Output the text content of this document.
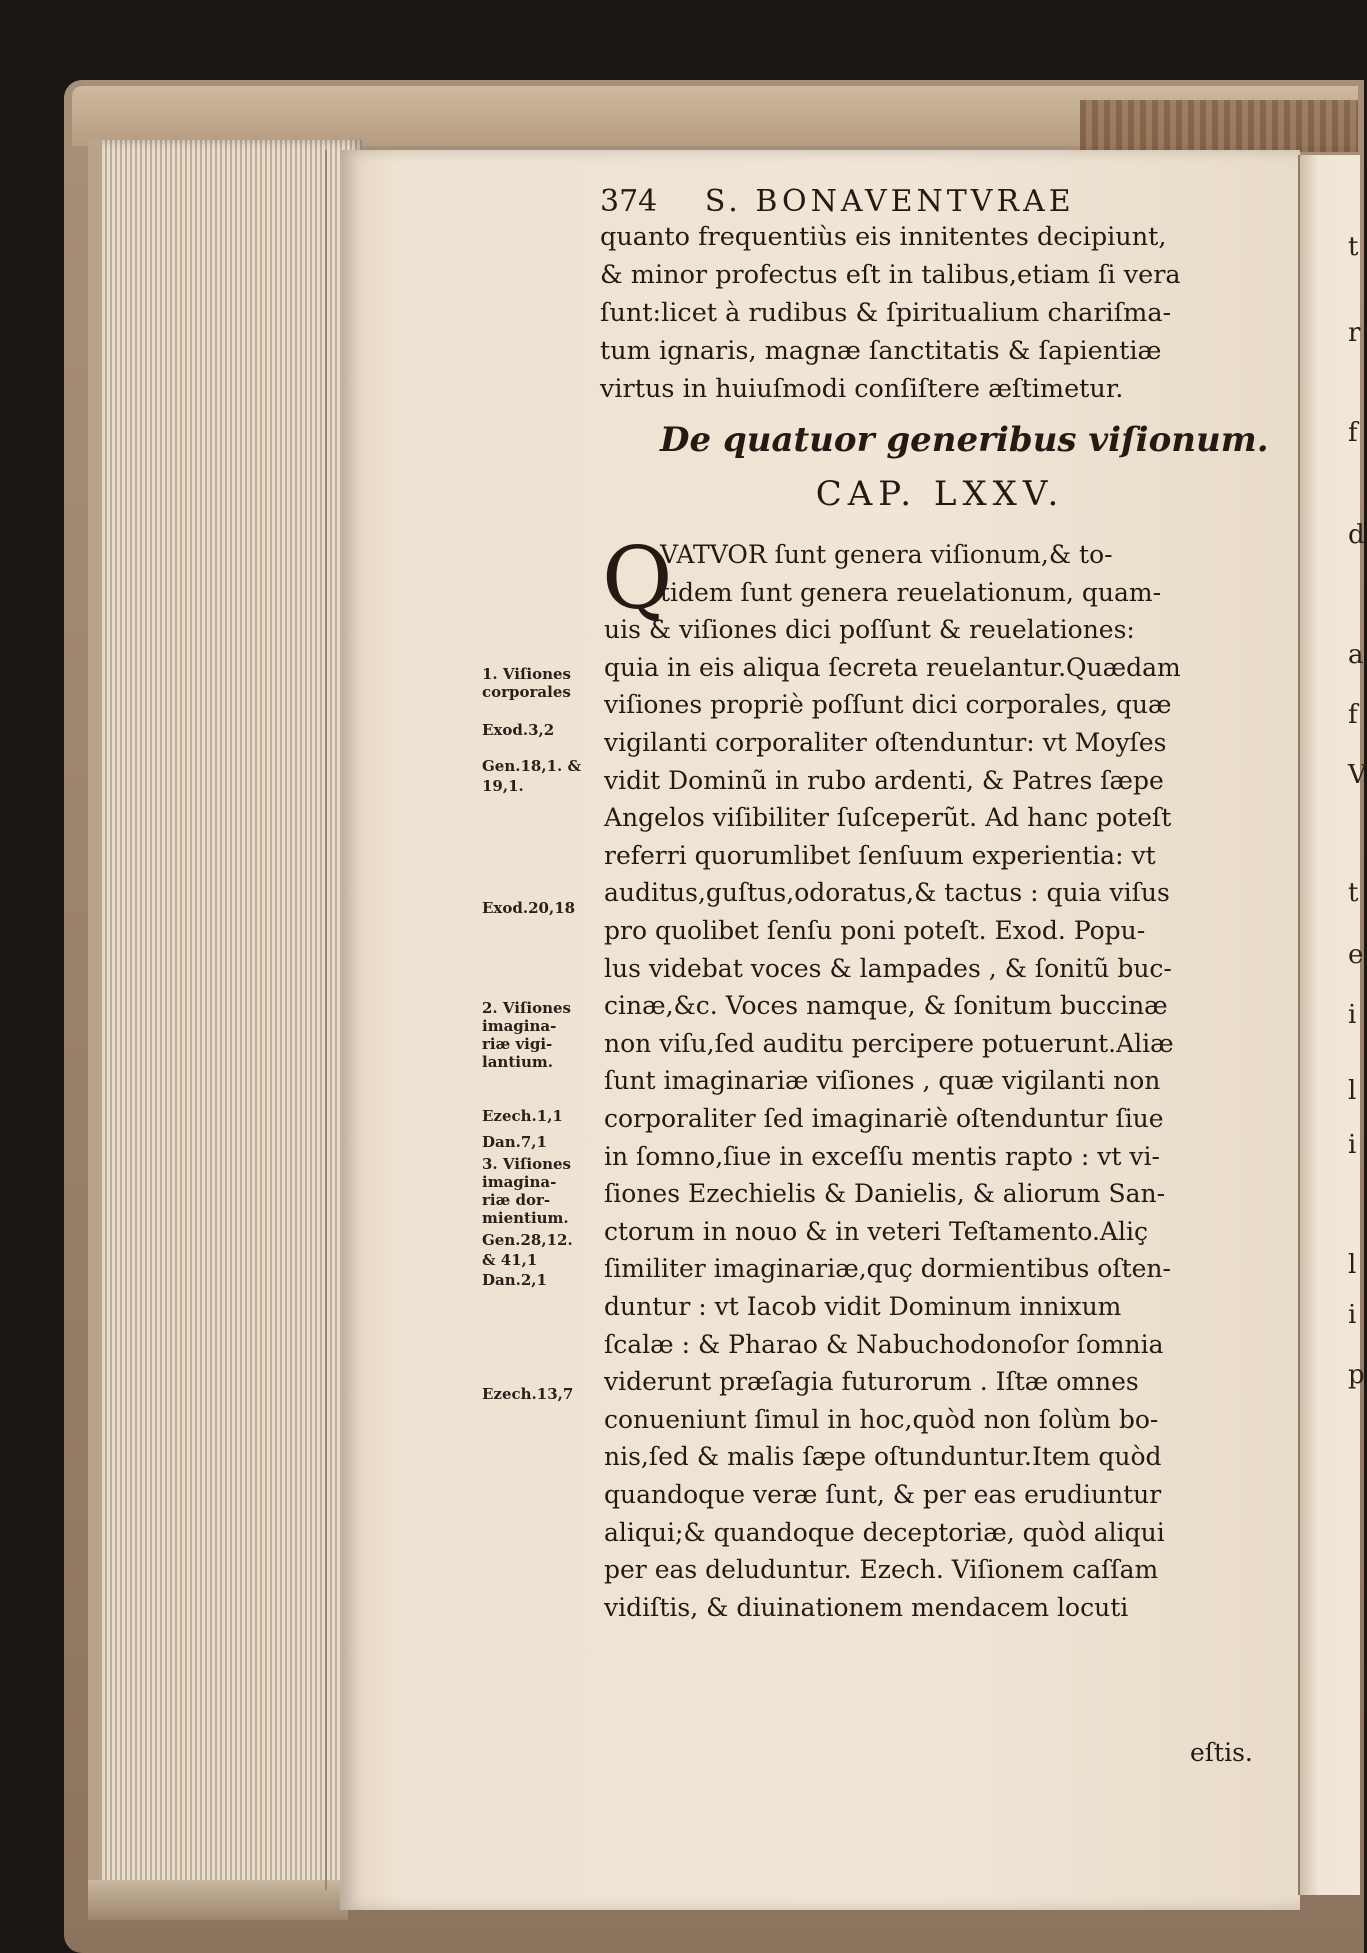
374 S. BONAVENTVRAE
quanto frequentiùs eis innitentes decipiunt,
& minor profectus eſt in talibus,etiam ſi vera
ſunt:licet à rudibus & ſpiritualium chariſma-
tum ignaris, magnæ ſanctitatis & ſapientiæ
virtus in huiuſmodi conſiſtere æſtimetur.
De quatuor generibus viſionum.
CAP. LXXV.
Q
VATVOR ſunt genera viſionum,& to-
tidem ſunt genera reuelationum, quam-
uis & viſiones dici poſſunt & reuelationes:
quia in eis aliqua ſecreta reuelantur.Quædam
viſiones propriè poſſunt dici corporales, quæ
vigilanti corporaliter oſtenduntur: vt Moyſes
vidit Dominũ in rubo ardenti, & Patres ſæpe
Angelos viſibiliter ſuſceperũt. Ad hanc poteſt
referri quorumlibet ſenſuum experientia: vt
auditus,guſtus,odoratus,& tactus : quia viſus
pro quolibet ſenſu poni poteſt. Exod. Popu-
lus videbat voces & lampades , & ſonitũ buc-
cinæ,&c. Voces namque, & ſonitum buccinæ
non viſu,ſed auditu percipere potuerunt.Aliæ
ſunt imaginariæ viſiones , quæ vigilanti non
corporaliter ſed imaginariè oſtenduntur ſiue
in ſomno,ſiue in exceſſu mentis rapto : vt vi-
ſiones Ezechielis & Danielis, & aliorum San-
ctorum in nouo & in veteri Teſtamento.Aliç
ſimiliter imaginariæ,quç dormientibus oſten-
duntur : vt Iacob vidit Dominum innixum
ſcalæ : & Pharao & Nabuchodonoſor ſomnia
viderunt præſagia futurorum . Iſtæ omnes
conueniunt ſimul in hoc,quòd non ſolùm bo-
nis,ſed & malis ſæpe oſtunduntur.Item quòd
quandoque veræ ſunt, & per eas erudiuntur
aliqui;& quandoque deceptoriæ, quòd aliqui
per eas deluduntur. Ezech. Viſionem caſſam
vidiſtis, & diuinationem mendacem locuti
1. Viſiones
corporales
Exod.3,2
Gen.18,1. &
19,1.
Exod.20,18
2. Viſiones
imagina-
riæ vigi-
lantium.
Ezech.1,1
Dan.7,1
3. Viſiones
imagina-
riæ dor-
mientium.
Gen.28,12.
& 41,1
Dan.2,1
Ezech.13,7
t
r
f
d
a
f
V
t
e
i
l
i
l
i
p
eſtis.
